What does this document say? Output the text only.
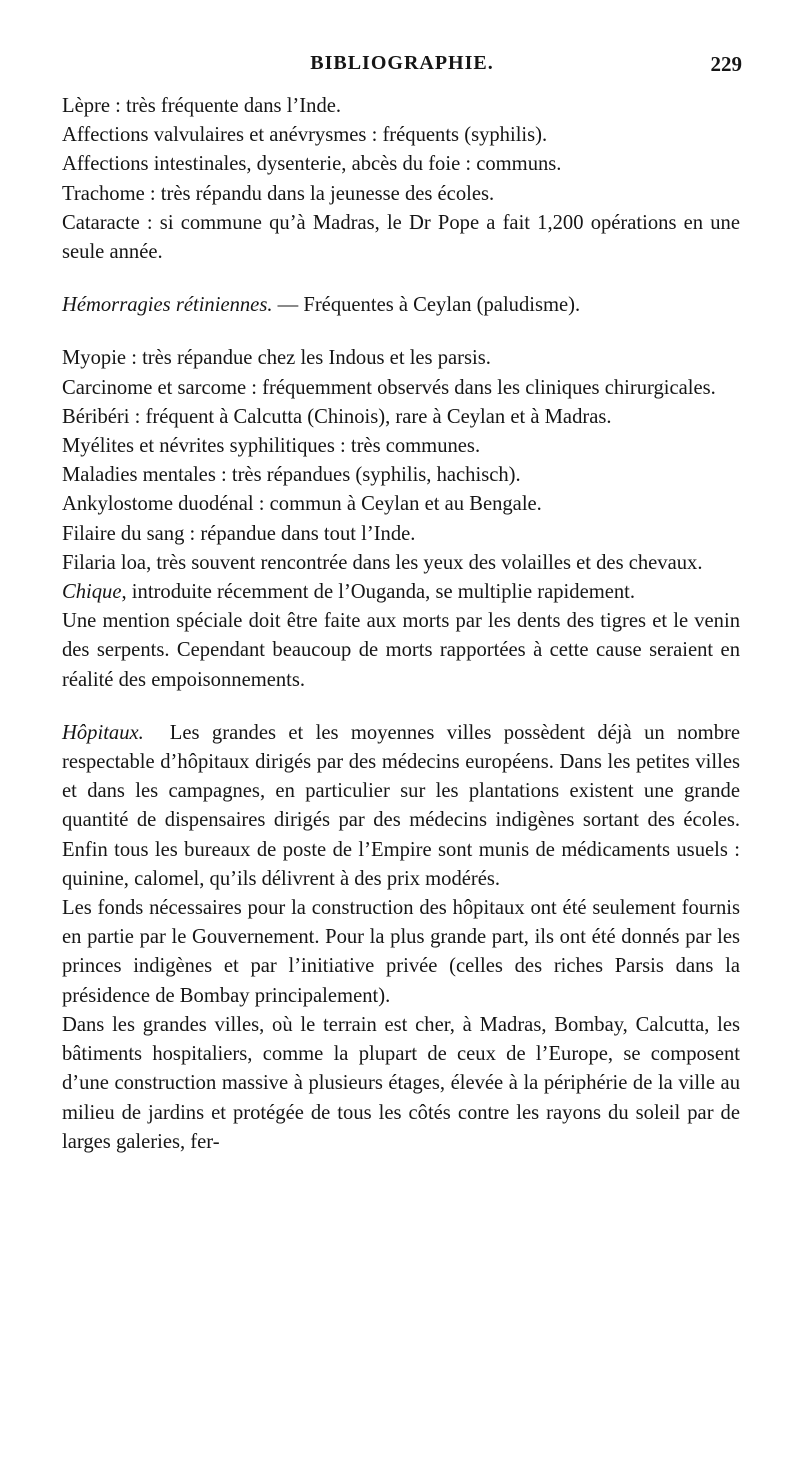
BIBLIOGRAPHIE.	229

Lèpre : très fréquente dans l’Inde.

Affections valvulaires et anévrysmes : fréquents (syphilis).

Affections intestinales, dysenterie, abcès du foie : communs.

Trachome : très répandu dans la jeunesse des écoles.

Cataracte : si commune qu’à Madras, le Dr Pope a fait 1,200 opérations en une seule année.

Hémorragies rétiniennes. — Fréquentes à Ceylan (paludisme).

Myopie : très répandue chez les Indous et les parsis.

Carcinome et sarcome : fréquemment observés dans les cliniques chirurgicales.

Béribéri : fréquent à Calcutta (Chinois), rare à Ceylan et à Madras.

Myélites et névrites syphilitiques : très communes.

Maladies mentales : très répandues (syphilis, hachisch).

Ankylostome duodénal : commun à Ceylan et au Bengale.

Filaire du sang : répandue dans tout l’Inde.

Filaria loa, très souvent rencontrée dans les yeux des volailles et des chevaux.

Chique, introduite récemment de l’Ouganda, se multiplie rapidement.

Une mention spéciale doit être faite aux morts par les dents des tigres et le venin des serpents. Cependant beaucoup de morts rapportées à cette cause seraient en réalité des empoisonnements.

Hôpitaux. Les grandes et les moyennes villes possèdent déjà un nombre respectable d’hôpitaux dirigés par des médecins européens. Dans les petites villes et dans les campagnes, en particulier sur les plantations existent une grande quantité de dispensaires dirigés par des médecins indigènes sortant des écoles. Enfin tous les bureaux de poste de l’Empire sont munis de médicaments usuels : quinine, calomel, qu’ils délivrent à des prix modérés.

Les fonds nécessaires pour la construction des hôpitaux ont été seulement fournis en partie par le Gouvernement. Pour la plus grande part, ils ont été donnés par les princes indigènes et par l’initiative privée (celles des riches Parsis dans la présidence de Bombay principalement).

Dans les grandes villes, où le terrain est cher, à Madras, Bombay, Calcutta, les bâtiments hospitaliers, comme la plupart de ceux de l’Europe, se composent d’une construction massive à plusieurs étages, élevée à la périphérie de la ville au milieu de jardins et protégée de tous les côtés contre les rayons du soleil par de larges galeries, fer-
